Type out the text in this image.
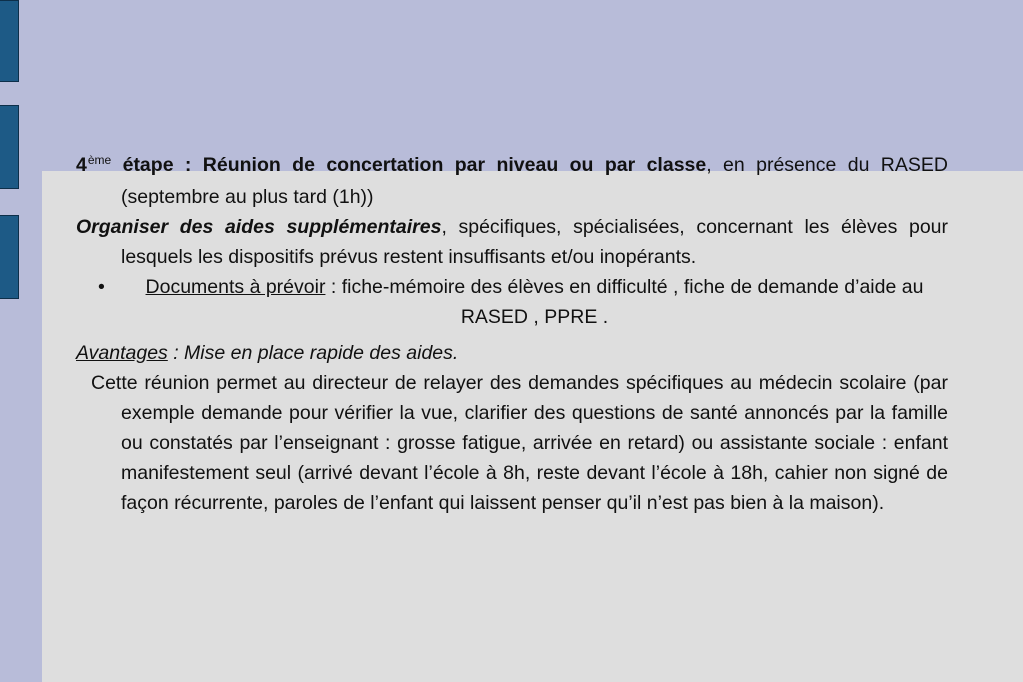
4ème étape : Réunion de concertation par niveau ou par classe, en présence du RASED (septembre au plus tard (1h))
Organiser des aides supplémentaires, spécifiques, spécialisées, concernant les élèves pour lesquels les dispositifs prévus restent insuffisants et/ou inopérants.
• Documents à prévoir : fiche-mémoire des élèves en difficulté , fiche de demande d’aide au RASED , PPRE .
Avantages : Mise en place rapide des aides.
Cette réunion permet au directeur de relayer des demandes spécifiques au médecin scolaire (par exemple demande pour vérifier la vue, clarifier des questions de santé annoncés par la famille ou constatés par l’enseignant : grosse fatigue, arrivée en retard) ou assistante sociale : enfant manifestement seul (arrivé devant l’école à 8h, reste devant l’école à 18h, cahier non signé de façon récurrente, paroles de l’enfant qui laissent penser qu’il n’est pas bien à la maison).
